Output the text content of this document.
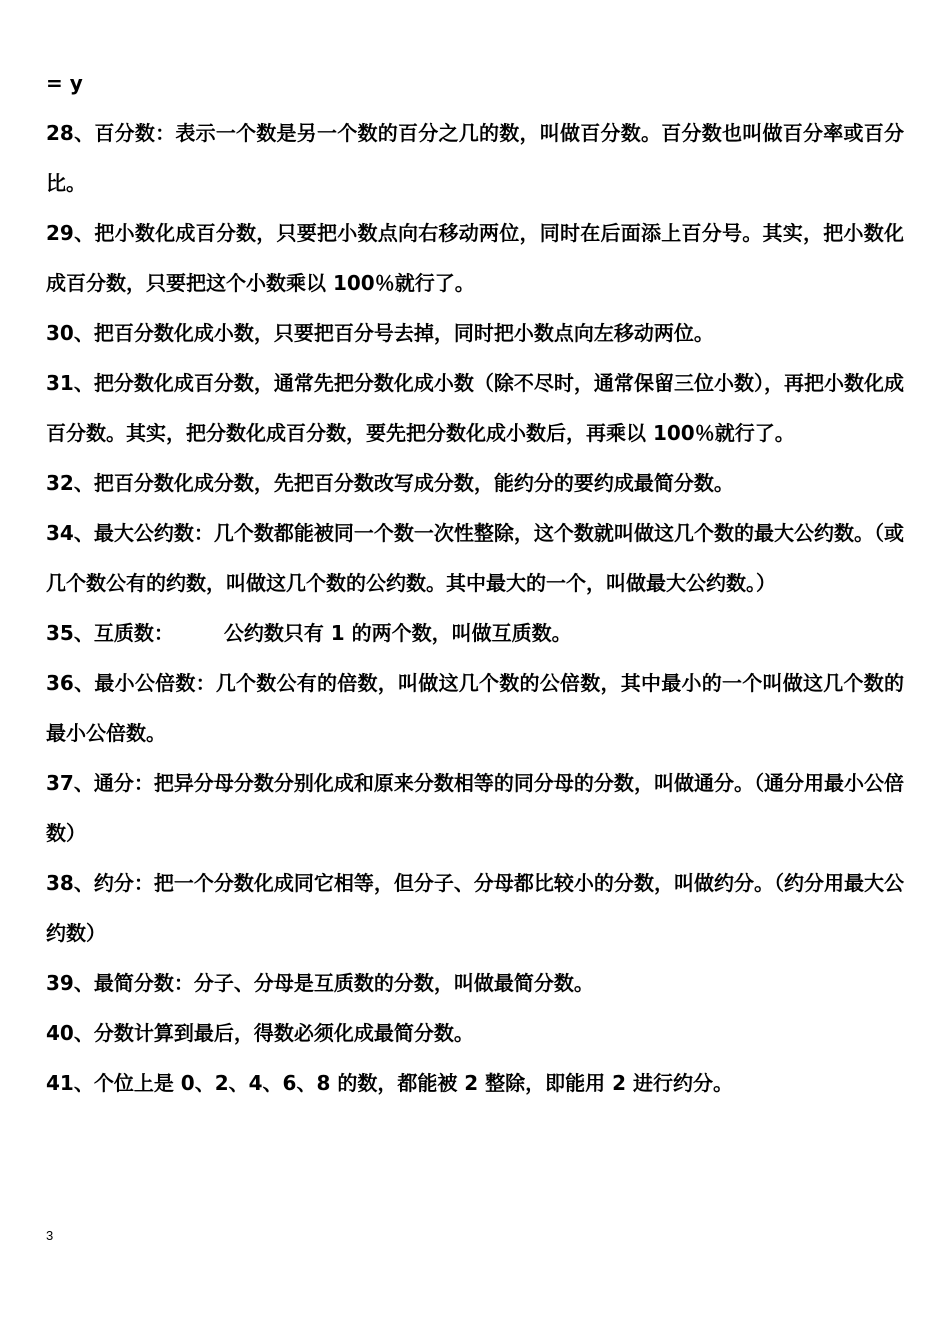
= y

28、百分数：表示一个数是另一个数的百分之几的数，叫做百分数。百分数也叫做百分率或百分比。

29、把小数化成百分数，只要把小数点向右移动两位，同时在后面添上百分号。其实，把小数化成百分数，只要把这个小数乘以 100％就行了。

30、把百分数化成小数，只要把百分号去掉，同时把小数点向左移动两位。

31、把分数化成百分数，通常先把分数化成小数（除不尽时，通常保留三位小数），再把小数化成百分数。其实，把分数化成百分数，要先把分数化成小数后，再乘以 100％就行了。

32、把百分数化成分数，先把百分数改写成分数，能约分的要约成最简分数。

34、最大公约数：几个数都能被同一个数一次性整除，这个数就叫做这几个数的最大公约数。（或几个数公有的约数，叫做这几个数的公约数。其中最大的一个，叫做最大公约数。）

35、互质数：　　　公约数只有 1 的两个数，叫做互质数。

36、最小公倍数：几个数公有的倍数，叫做这几个数的公倍数，其中最小的一个叫做这几个数的最小公倍数。

37、通分：把异分母分数分别化成和原来分数相等的同分母的分数，叫做通分。（通分用最小公倍数）

38、约分：把一个分数化成同它相等，但分子、分母都比较小的分数，叫做约分。（约分用最大公约数）

39、最简分数：分子、分母是互质数的分数，叫做最简分数。

40、分数计算到最后，得数必须化成最简分数。

41、个位上是 0、2、4、6、8 的数，都能被 2 整除，即能用 2 进行约分。

3
